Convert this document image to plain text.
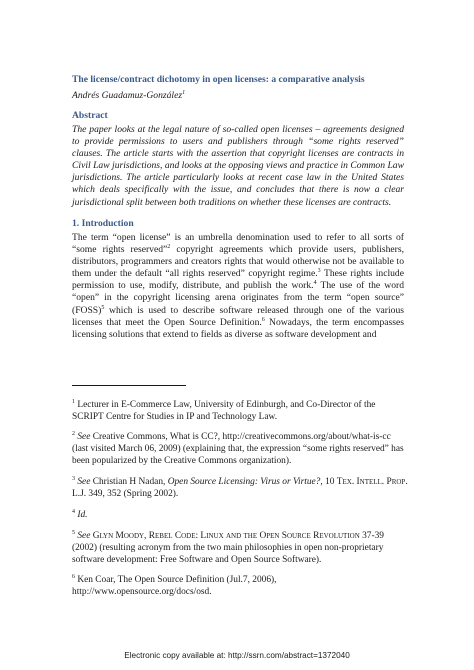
The license/contract dichotomy in open licenses: a comparative analysis
Andrés Guadamuz-González$^1$
Abstract
The paper looks at the legal nature of so-called open licenses – agreements designed to provide permissions to users and publishers through “some rights reserved” clauses. The article starts with the assertion that copyright licenses are contracts in Civil Law jurisdictions, and looks at the opposing views and practice in Common Law jurisdictions. The article particularly looks at recent case law in the United States which deals specifically with the issue, and concludes that there is now a clear jurisdictional split between both traditions on whether these licenses are contracts.
1. Introduction
The term “open license” is an umbrella denomination used to refer to all sorts of “some rights reserved”$^2$ copyright agreements which provide users, publishers, distributors, programmers and creators rights that would otherwise not be available to them under the default “all rights reserved” copyright regime.$^3$ These rights include permission to use, modify, distribute, and publish the work.$^4$ The use of the word “open” in the copyright licensing arena originates from the term “open source” (FOSS)$^5$ which is used to describe software released through one of the various licenses that meet the Open Source Definition.$^6$ Nowadays, the term encompasses licensing solutions that extend to fields as diverse as software development and
$^1$ Lecturer in E-Commerce Law, University of Edinburgh, and Co-Director of the SCRIPT Centre for Studies in IP and Technology Law.
$^2$ See Creative Commons, What is CC?, http://creativecommons.org/about/what-is-cc (last visited March 06, 2009) (explaining that, the expression “some rights reserved” has been popularized by the Creative Commons organization).
$^3$ See Christian H Nadan, Open Source Licensing: Virus or Virtue?, 10 Tex. Intell. Prop. L.J. 349, 352 (Spring 2002).
$^4$ Id.
$^5$ See Glyn Moody, Rebel Code: Linux and the Open Source Revolution 37-39 (2002) (resulting acronym from the two main philosophies in open non-proprietary software development: Free Software and Open Source Software).
$^6$ Ken Coar, The Open Source Definition (Jul.7, 2006), http://www.opensource.org/docs/osd.
Electronic copy available at: http://ssrn.com/abstract=1372040
